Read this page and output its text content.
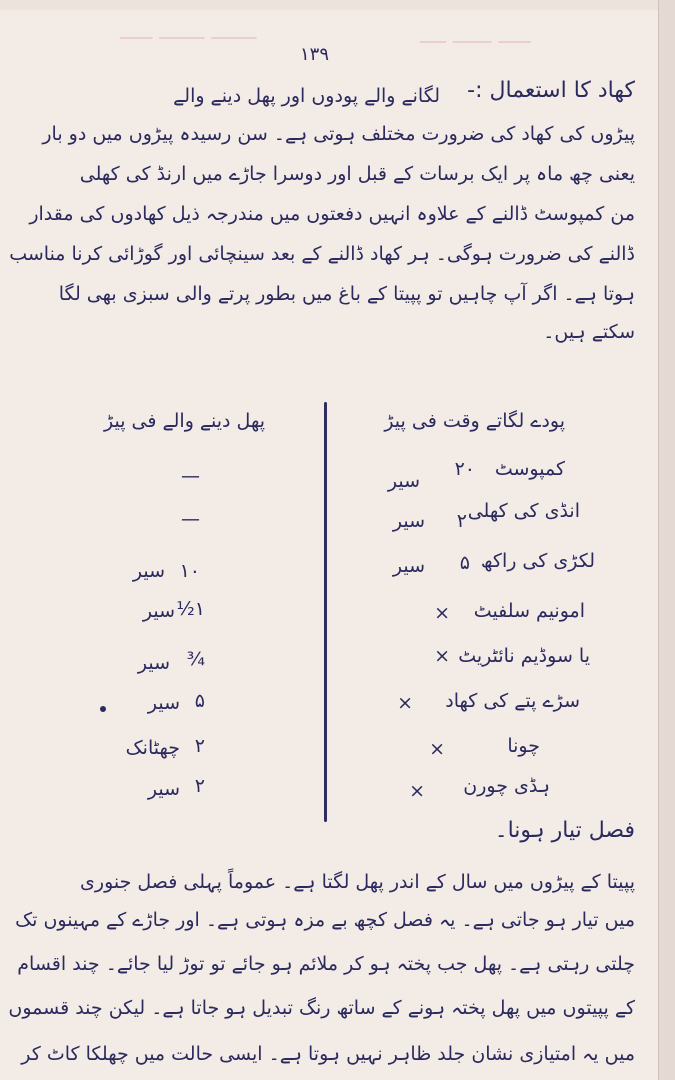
ـــــــ ـــــــ ـــــ	ـــــ ــــــ ــــ
۱۳۹
کھاد کا استعمال :-
لگانے والے پودوں اور پھل دینے والے
پیڑوں کی کھاد کی ضرورت مختلف ہوتی ہے۔ سن رسیدہ پیڑوں میں دو بار
یعنی چھ ماہ پر ایک برسات کے قبل اور دوسرا جاڑے میں ارنڈ کی کھلی
من کمپوسٹ ڈالنے کے علاوہ انہیں دفعتوں میں مندرجہ ذیل کھادوں کی مقدار
ڈالنے کی ضرورت ہوگی۔ ہر کھاد ڈالنے کے بعد سینچائی اور گوڑائی کرنا مناسب
ہوتا ہے۔ اگر آپ چاہیں تو پپیتا کے باغ میں بطور پرتے والی سبزی بھی لگا
سکتے ہیں۔
پودے لگاتے وقت فی پیڑ
پھل دینے والے فی پیڑ
کمپوسٹ
۲۰
سیر
—
انڈی کی کھلی
۲
سیر
—
لکڑی کی راکھ
۵
سیر
۱۰
سیر
امونیم سلفیٹ
×
۱½
سیر
یا سوڈیم نائٹریٹ
×
¾
سیر
سڑے پتے کی کھاد
×
۵
سیر
چونا
×
۲
چھٹانک
ہڈی چورن
×
۲
سیر
فصل تیار ہونا۔
پپیتا کے پیڑوں میں سال کے اندر پھل لگتا ہے۔ عموماً پہلی فصل جنوری
میں تیار ہو جاتی ہے۔ یہ فصل کچھ بے مزہ ہوتی ہے۔ اور جاڑے کے مہینوں تک
چلتی رہتی ہے۔ پھل جب پختہ ہو کر ملائم ہو جائے تو توڑ لیا جائے۔ چند اقسام
کے پپیتوں میں پھل پختہ ہونے کے ساتھ رنگ تبدیل ہو جاتا ہے۔ لیکن چند قسموں
میں یہ امتیازی نشان جلد ظاہر نہیں ہوتا ہے۔ ایسی حالت میں چھلکا کاٹ کر
